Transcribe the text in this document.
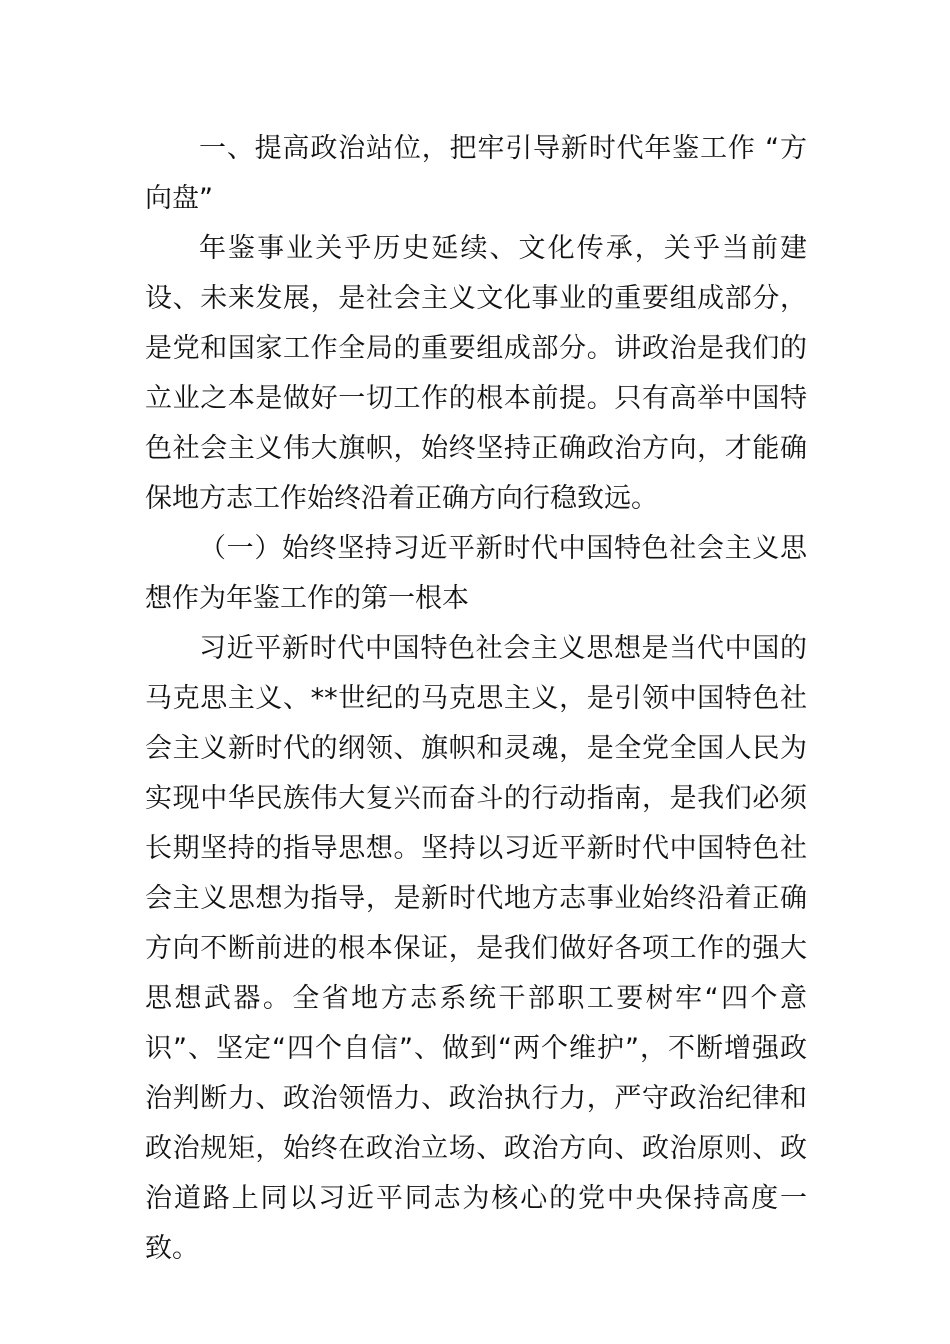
一、提高政治站位，把牢引导新时代年鉴工作 “方向盘”

年鉴事业关乎历史延续、文化传承，关乎当前建设、未来发展，是社会主义文化事业的重要组成部分，是党和国家工作全局的重要组成部分。讲政治是我们的立业之本是做好一切工作的根本前提。只有高举中国特色社会主义伟大旗帜，始终坚持正确政治方向，才能确保地方志工作始终沿着正确方向行稳致远。

（一）始终坚持习近平新时代中国特色社会主义思想作为年鉴工作的第一根本

习近平新时代中国特色社会主义思想是当代中国的马克思主义、**世纪的马克思主义，是引领中国特色社会主义新时代的纲领、旗帜和灵魂，是全党全国人民为实现中华民族伟大复兴而奋斗的行动指南，是我们必须长期坚持的指导思想。坚持以习近平新时代中国特色社会主义思想为指导，是新时代地方志事业始终沿着正确方向不断前进的根本保证，是我们做好各项工作的强大思想武器。全省地方志系统干部职工要树牢“四个意识”、坚定“四个自信”、做到“两个维护”，不断增强政治判断力、政治领悟力、政治执行力，严守政治纪律和政治规矩，始终在政治立场、政治方向、政治原则、政治道路上同以习近平同志为核心的党中央保持高度一致。
